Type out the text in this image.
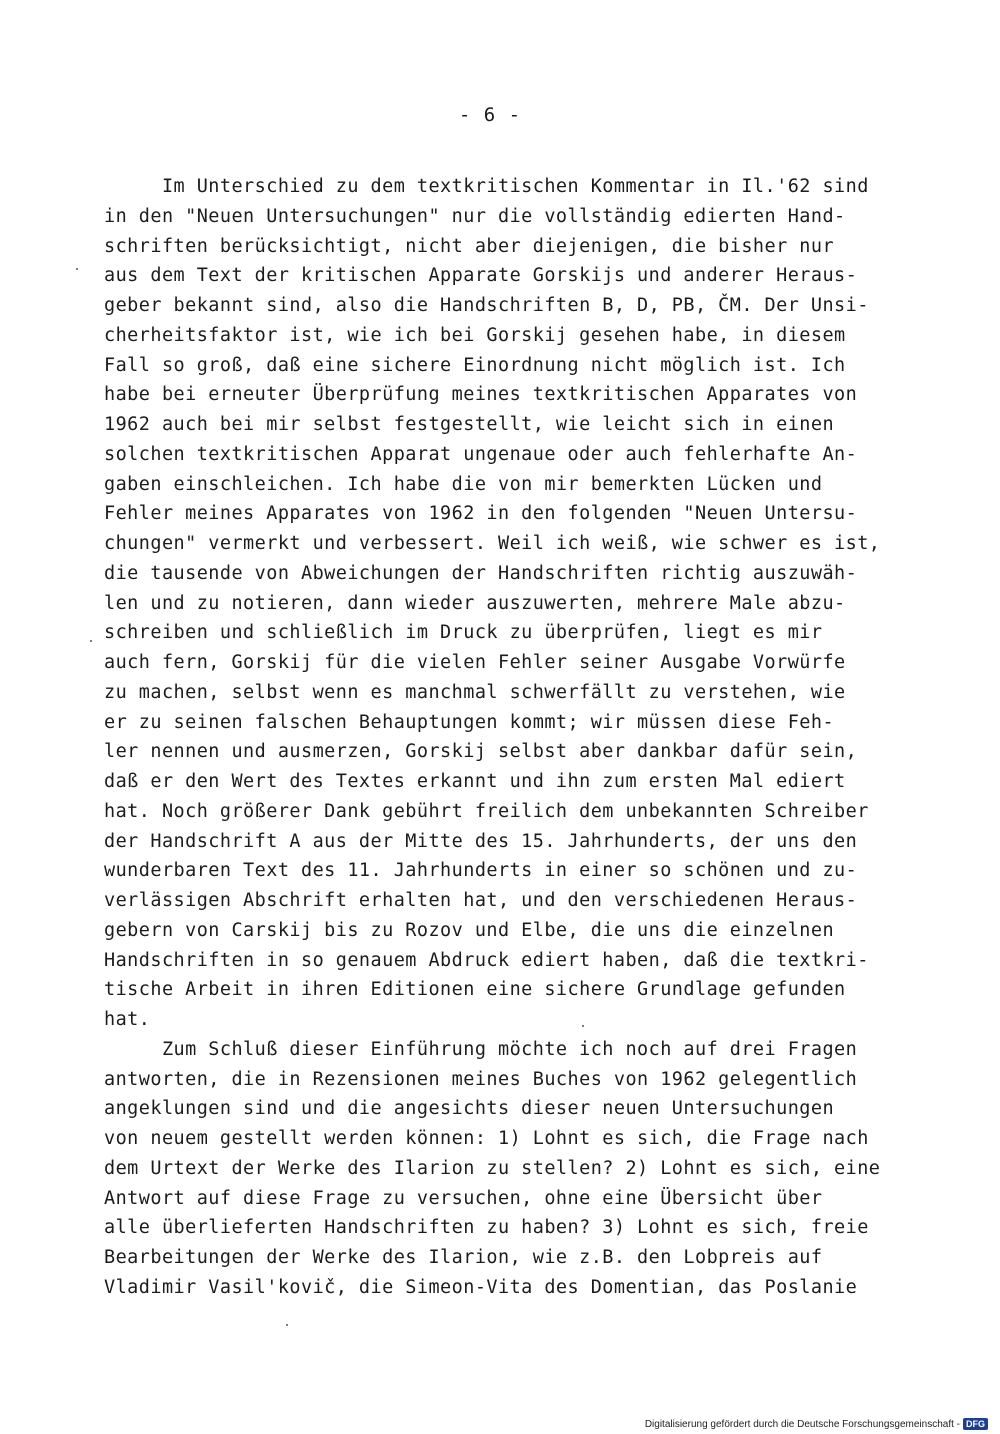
- 6 -
Im Unterschied zu dem textkritischen Kommentar in Il.'62 sind
in den "Neuen Untersuchungen" nur die vollständig edierten Hand-
schriften berücksichtigt, nicht aber diejenigen, die bisher nur
aus dem Text der kritischen Apparate Gorskijs und anderer Heraus-
geber bekannt sind, also die Handschriften B, D, PB, ČM. Der Unsi-
cherheitsfaktor ist, wie ich bei Gorskij gesehen habe, in diesem
Fall so groß, daß eine sichere Einordnung nicht möglich ist. Ich
habe bei erneuter Überprüfung meines textkritischen Apparates von
1962 auch bei mir selbst festgestellt, wie leicht sich in einen
solchen textkritischen Apparat ungenaue oder auch fehlerhafte An-
gaben einschleichen. Ich habe die von mir bemerkten Lücken und
Fehler meines Apparates von 1962 in den folgenden "Neuen Untersu-
chungen" vermerkt und verbessert. Weil ich weiß, wie schwer es ist,
die tausende von Abweichungen der Handschriften richtig auszuwäh-
len und zu notieren, dann wieder auszuwerten, mehrere Male abzu-
schreiben und schließlich im Druck zu überprüfen, liegt es mir
auch fern, Gorskij für die vielen Fehler seiner Ausgabe Vorwürfe
zu machen, selbst wenn es manchmal schwerfällt zu verstehen, wie
er zu seinen falschen Behauptungen kommt; wir müssen diese Feh-
ler nennen und ausmerzen, Gorskij selbst aber dankbar dafür sein,
daß er den Wert des Textes erkannt und ihn zum ersten Mal ediert
hat. Noch größerer Dank gebührt freilich dem unbekannten Schreiber
der Handschrift A aus der Mitte des 15. Jahrhunderts, der uns den
wunderbaren Text des 11. Jahrhunderts in einer so schönen und zu-
verlässigen Abschrift erhalten hat, und den verschiedenen Heraus-
gebern von Carskij bis zu Rozov und Elbe, die uns die einzelnen
Handschriften in so genauem Abdruck ediert haben, daß die textkri-
tische Arbeit in ihren Editionen eine sichere Grundlage gefunden
hat.
Zum Schluß dieser Einführung möchte ich noch auf drei Fragen
antworten, die in Rezensionen meines Buches von 1962 gelegentlich
angeklungen sind und die angesichts dieser neuen Untersuchungen
von neuem gestellt werden können: 1) Lohnt es sich, die Frage nach
dem Urtext der Werke des Ilarion zu stellen? 2) Lohnt es sich, eine
Antwort auf diese Frage zu versuchen, ohne eine Übersicht über
alle überlieferten Handschriften zu haben? 3) Lohnt es sich, freie
Bearbeitungen der Werke des Ilarion, wie z.B. den Lobpreis auf
Vladimir Vasil'kovič, die Simeon-Vita des Domentian, das Poslanie
Digitalisierung gefördert durch die Deutsche Forschungsgemeinschaft - DFG
